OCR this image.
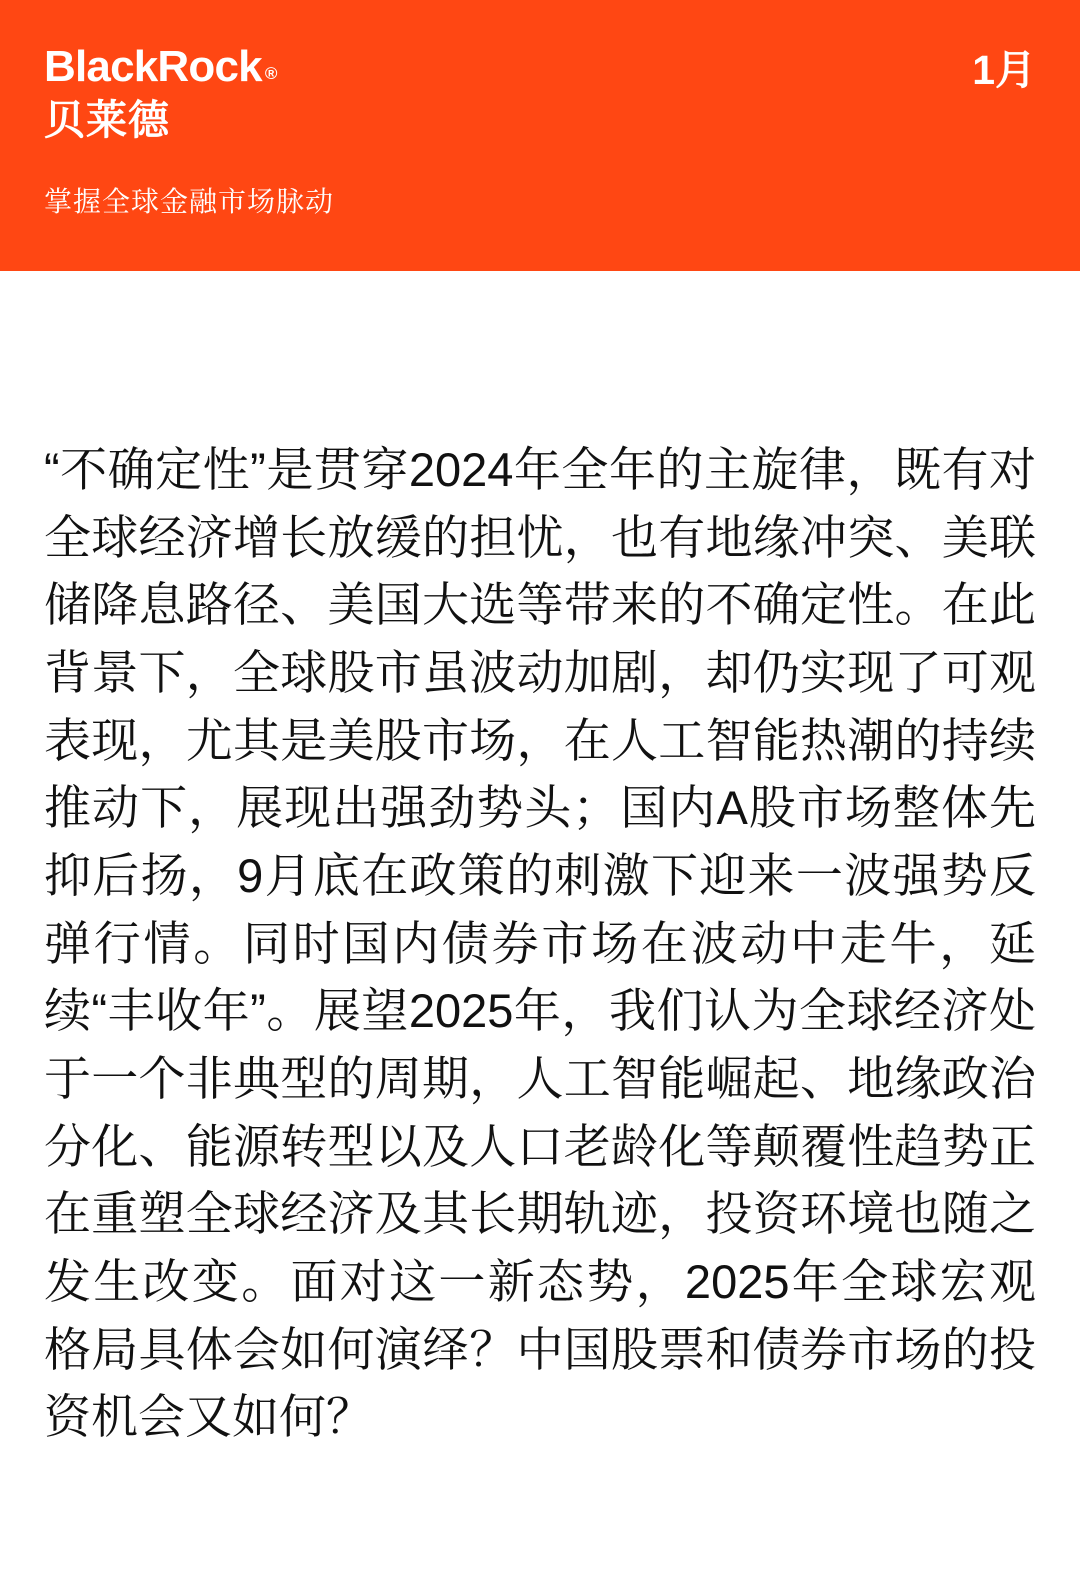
BlackRock ®
贝莱德
1月
掌握全球金融市场脉动

“不确定性”是贯穿2024年全年的主旋律，既有对全球经济增长放缓的担忧，也有地缘冲突、美联储降息路径、美国大选等带来的不确定性。在此背景下，全球股市虽波动加剧，却仍实现了可观表现，尤其是美股市场，在人工智能热潮的持续推动下，展现出强劲势头；国内A股市场整体先抑后扬，9月底在政策的刺激下迎来一波强势反弹行情。同时国内债券市场在波动中走牛，延续“丰收年”。展望2025年，我们认为全球经济处于一个非典型的周期，人工智能崛起、地缘政治分化、能源转型以及人口老龄化等颠覆性趋势正在重塑全球经济及其长期轨迹，投资环境也随之发生改变。面对这一新态势，2025年全球宏观格局具体会如何演绎？中国股票和债券市场的投资机会又如何？
